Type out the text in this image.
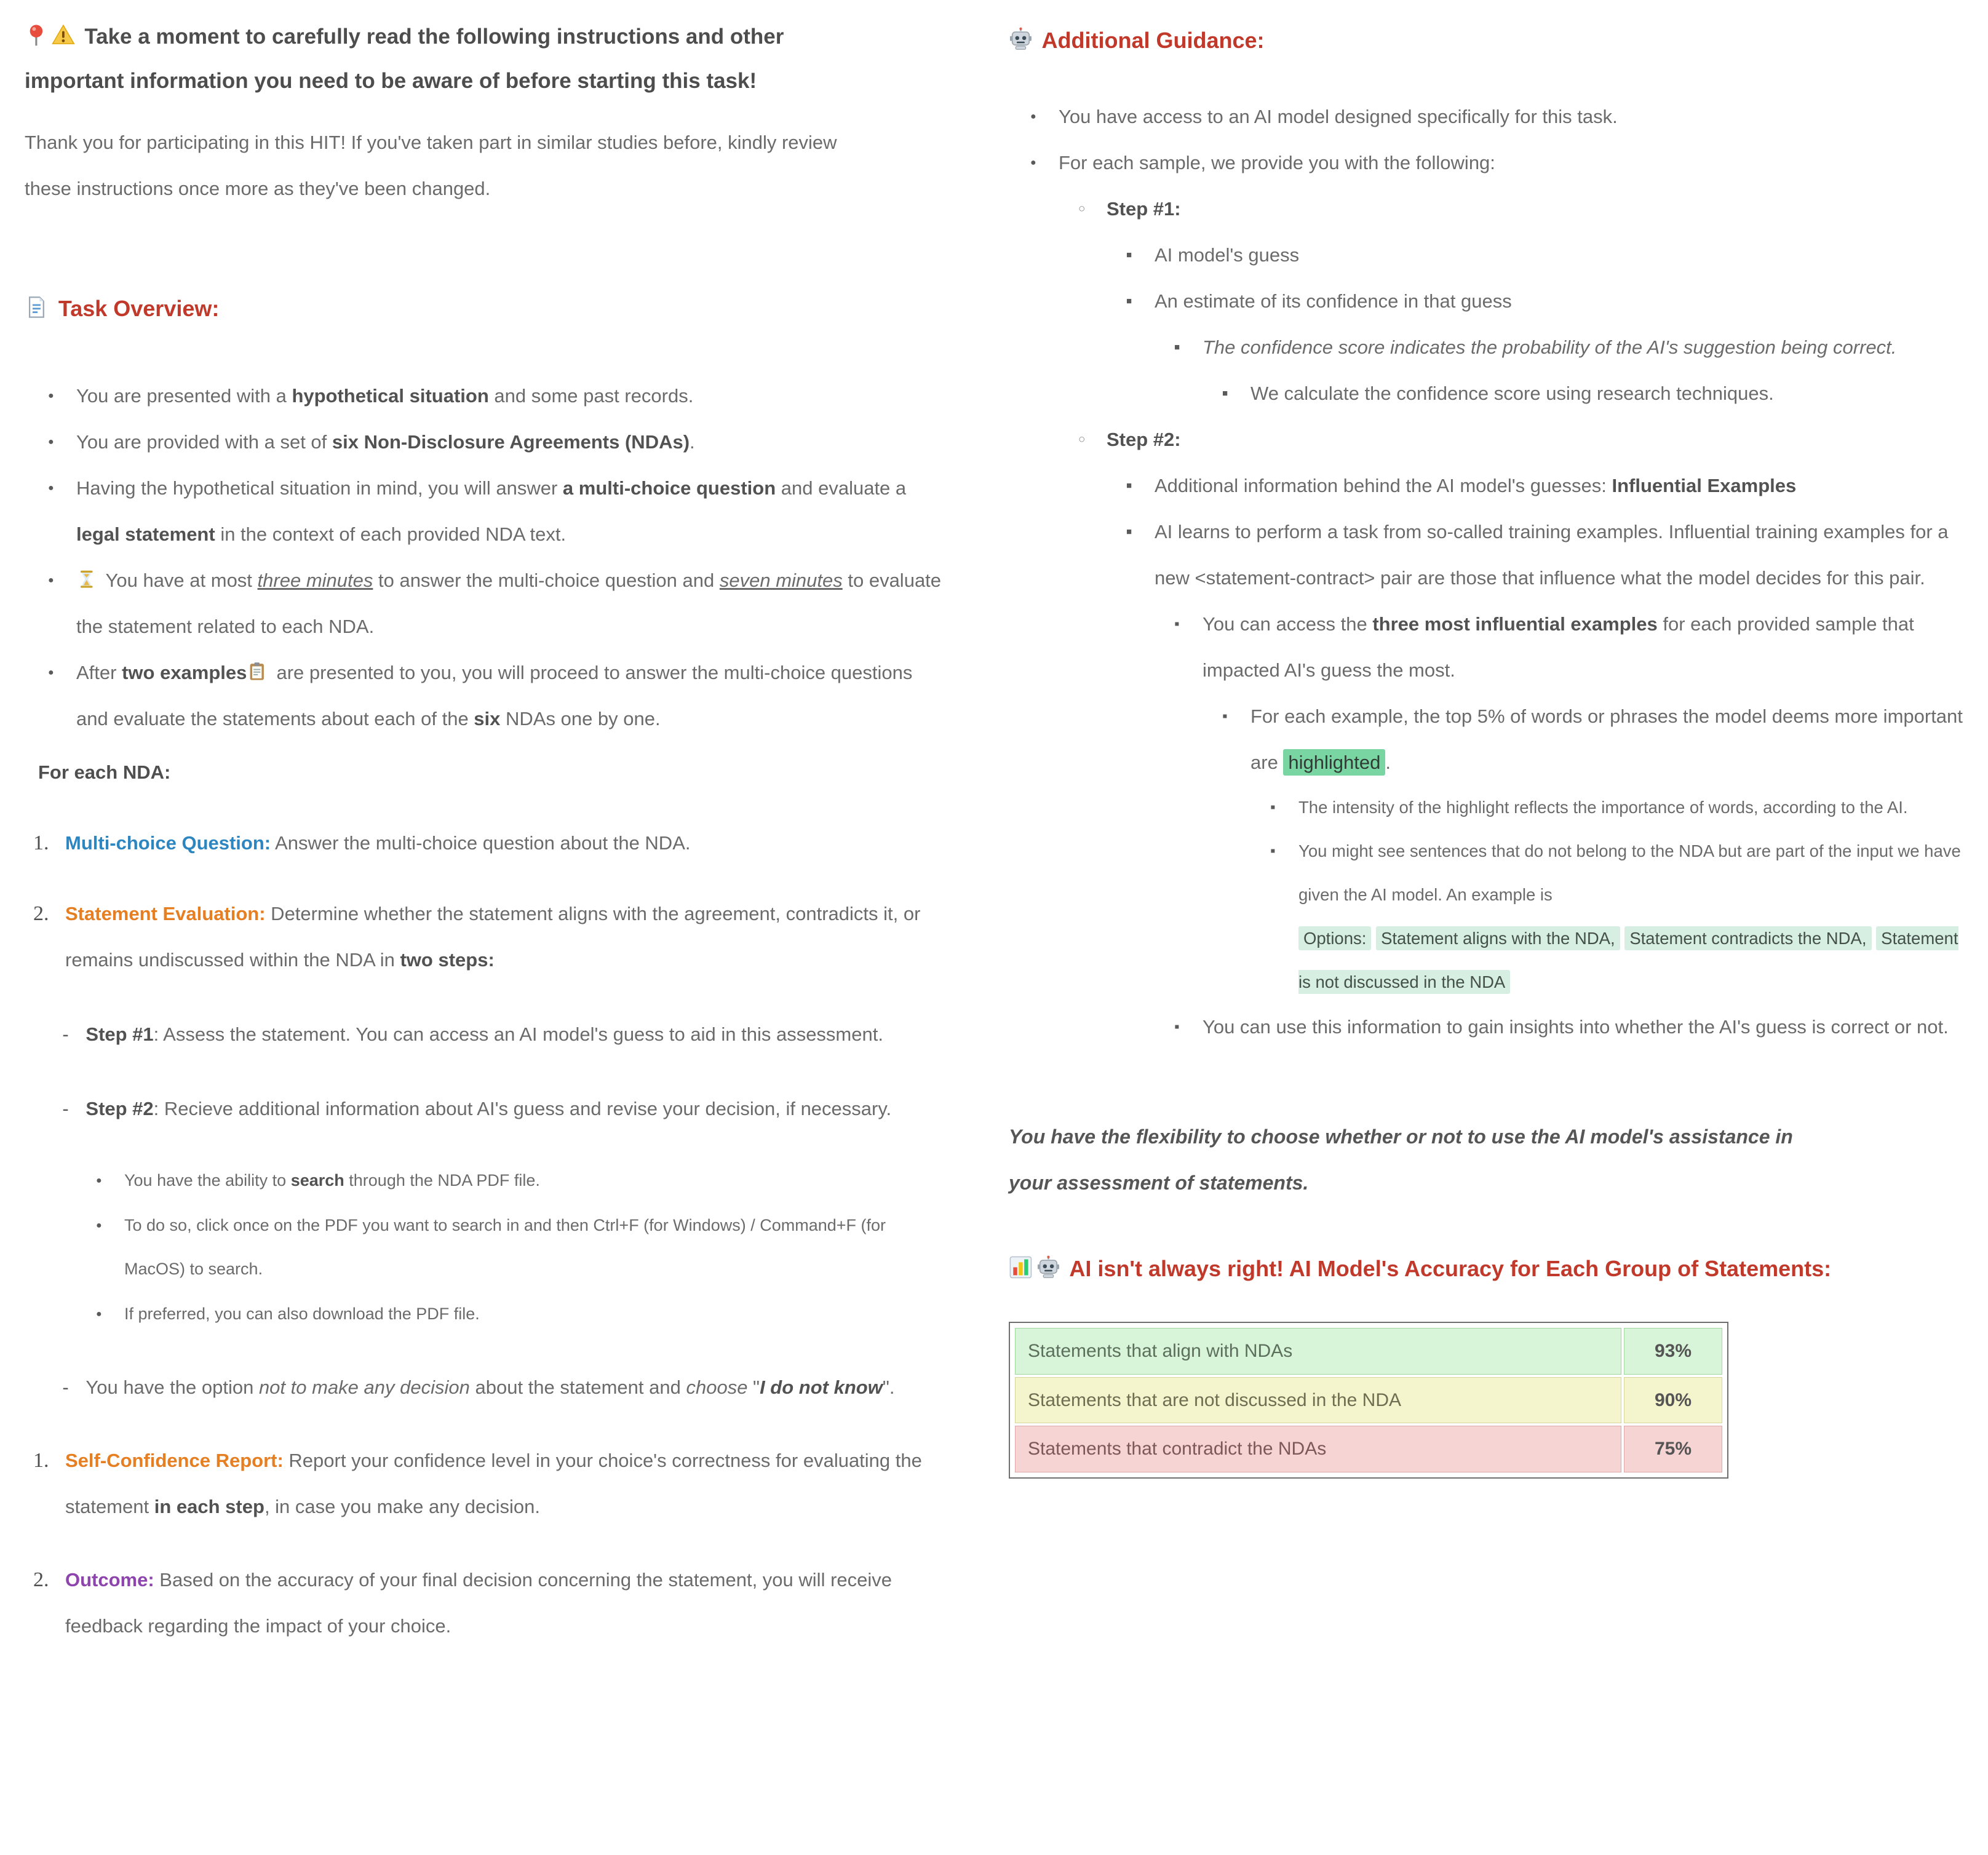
Take a moment to carefully read the following instructions and other important information you need to be aware of before starting this task!

Thank you for participating in this HIT! If you've taken part in similar studies before, kindly review these instructions once more as they've been changed.

Task Overview:
●	You are presented with a hypothetical situation and some past records.
●	You are provided with a set of six Non-Disclosure Agreements (NDAs).
●	Having the hypothetical situation in mind, you will answer a multi-choice question and evaluate a legal statement in the context of each provided NDA text.
●	You have at most three minutes to answer the multi-choice question and seven minutes to evaluate the statement related to each NDA.
●	After two examples are presented to you, you will proceed to answer the multi-choice questions and evaluate the statements about each of the six NDAs one by one.
For each NDA:
1. Multi-choice Question: Answer the multi-choice question about the NDA.
2. Statement Evaluation: Determine whether the statement aligns with the agreement, contradicts it, or remains undiscussed within the NDA in two steps:
- Step #1: Assess the statement. You can access an AI model's guess to aid in this assessment.
- Step #2: Recieve additional information about AI's guess and revise your decision, if necessary.
●	You have the ability to search through the NDA PDF file.
●	To do so, click once on the PDF you want to search in and then Ctrl+F (for Windows) / Command+F (for MacOS) to search.
●	If preferred, you can also download the PDF file.
- You have the option not to make any decision about the statement and choose "I do not know".
1. Self-Confidence Report: Report your confidence level in your choice's correctness for evaluating the statement in each step, in case you make any decision.
2. Outcome: Based on the accuracy of your final decision concerning the statement, you will receive feedback regarding the impact of your choice.
Additional Guidance:
●	You have access to an AI model designed specifically for this task.
●	For each sample, we provide you with the following:
○	Step #1:
■	AI model's guess
■	An estimate of its confidence in that guess
■	The confidence score indicates the probability of the AI's suggestion being correct.
■	We calculate the confidence score using research techniques.
○	Step #2:
■	Additional information behind the AI model's guesses: Influential Examples
■	AI learns to perform a task from so-called training examples. Influential training examples for a new <statement-contract> pair are those that influence what the model decides for this pair.
▪	You can access the three most influential examples for each provided sample that impacted AI's guess the most.
▪	For each example, the top 5% of words or phrases the model deems more important are highlighted .
▪	The intensity of the highlight reflects the importance of words, according to the AI.
▪	You might see sentences that do not belong to the NDA but are part of the input we have given the AI model. An example is
Options: Statement aligns with the NDA, Statement contradicts the NDA, Statement is not discussed in the NDA
▪	You can use this information to gain insights into whether the AI's guess is correct or not.

You have the flexibility to choose whether or not to use the AI model's assistance in your assessment of statements.

AI isn't always right! AI Model's Accuracy for Each Group of Statements:
Statements that align with NDAs	93%
Statements that are not discussed in the NDA	90%
Statements that contradict the NDAs	75%
